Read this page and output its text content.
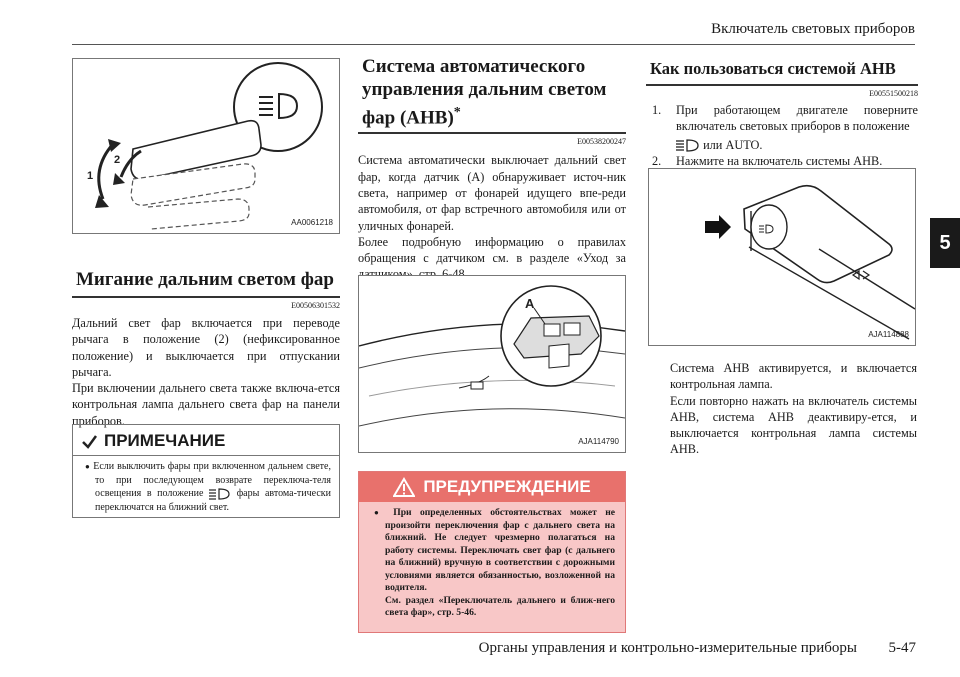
Включатель световых приборов
5
1
2
AA0061218
Мигание дальним светом фар
E00506301532
Дальний свет фар включается при переводе рычага в положение (2) (нефиксированное положение) и выключается при отпускании рычага.
При включении дальнего света также включа-ется контрольная лампа дальнего света фар на панели приборов.
ПРИМЕЧАНИЕ
● Если выключить фары при включенном дальнем свете, то при последующем возврате переключа-теля освещения в положение	фары автома-тически переключатся на ближний свет.
Система автоматического
управления дальним светом
фар (AHB)*
E00538200247
Система автоматически выключает дальний свет фар, когда датчик (A) обнаруживает источ-ник света, например от фонарей идущего впе-реди автомобиля, от фар встречного автомобиля или от уличных фонарей.
Более подробную информацию о правилах обращения с датчиком см. в разделе «Уход за
A
AJA114790
ПРЕДУПРЕЖДЕНИЕ
● При определенных обстоятельствах может не произойти переключения фар с дальнего света на ближний. Не следует чрезмерно полагаться на работу системы. Переключать свет фар (с дальнего на ближний) вручную в соответствии с дорожными условиями является обязанностью, возложенной на водителя.
См. раздел «Переключатель дальнего и ближ-него света фар», стр. 5-46.
Как пользоваться системой AHB
E00551500218
1.	При работающем двигателе поверните включатель световых приборов в положение
или AUTO.
2.	Нажмите на включатель системы AHB.
AJA114888
Система AHB активируется, и включается контрольная лампа.
Если повторно нажать на включатель системы AHB, система AHB деактивиру-ется, и выключается контрольная лампа системы AHB.
Органы управления и контрольно-измерительные приборы 5-47
